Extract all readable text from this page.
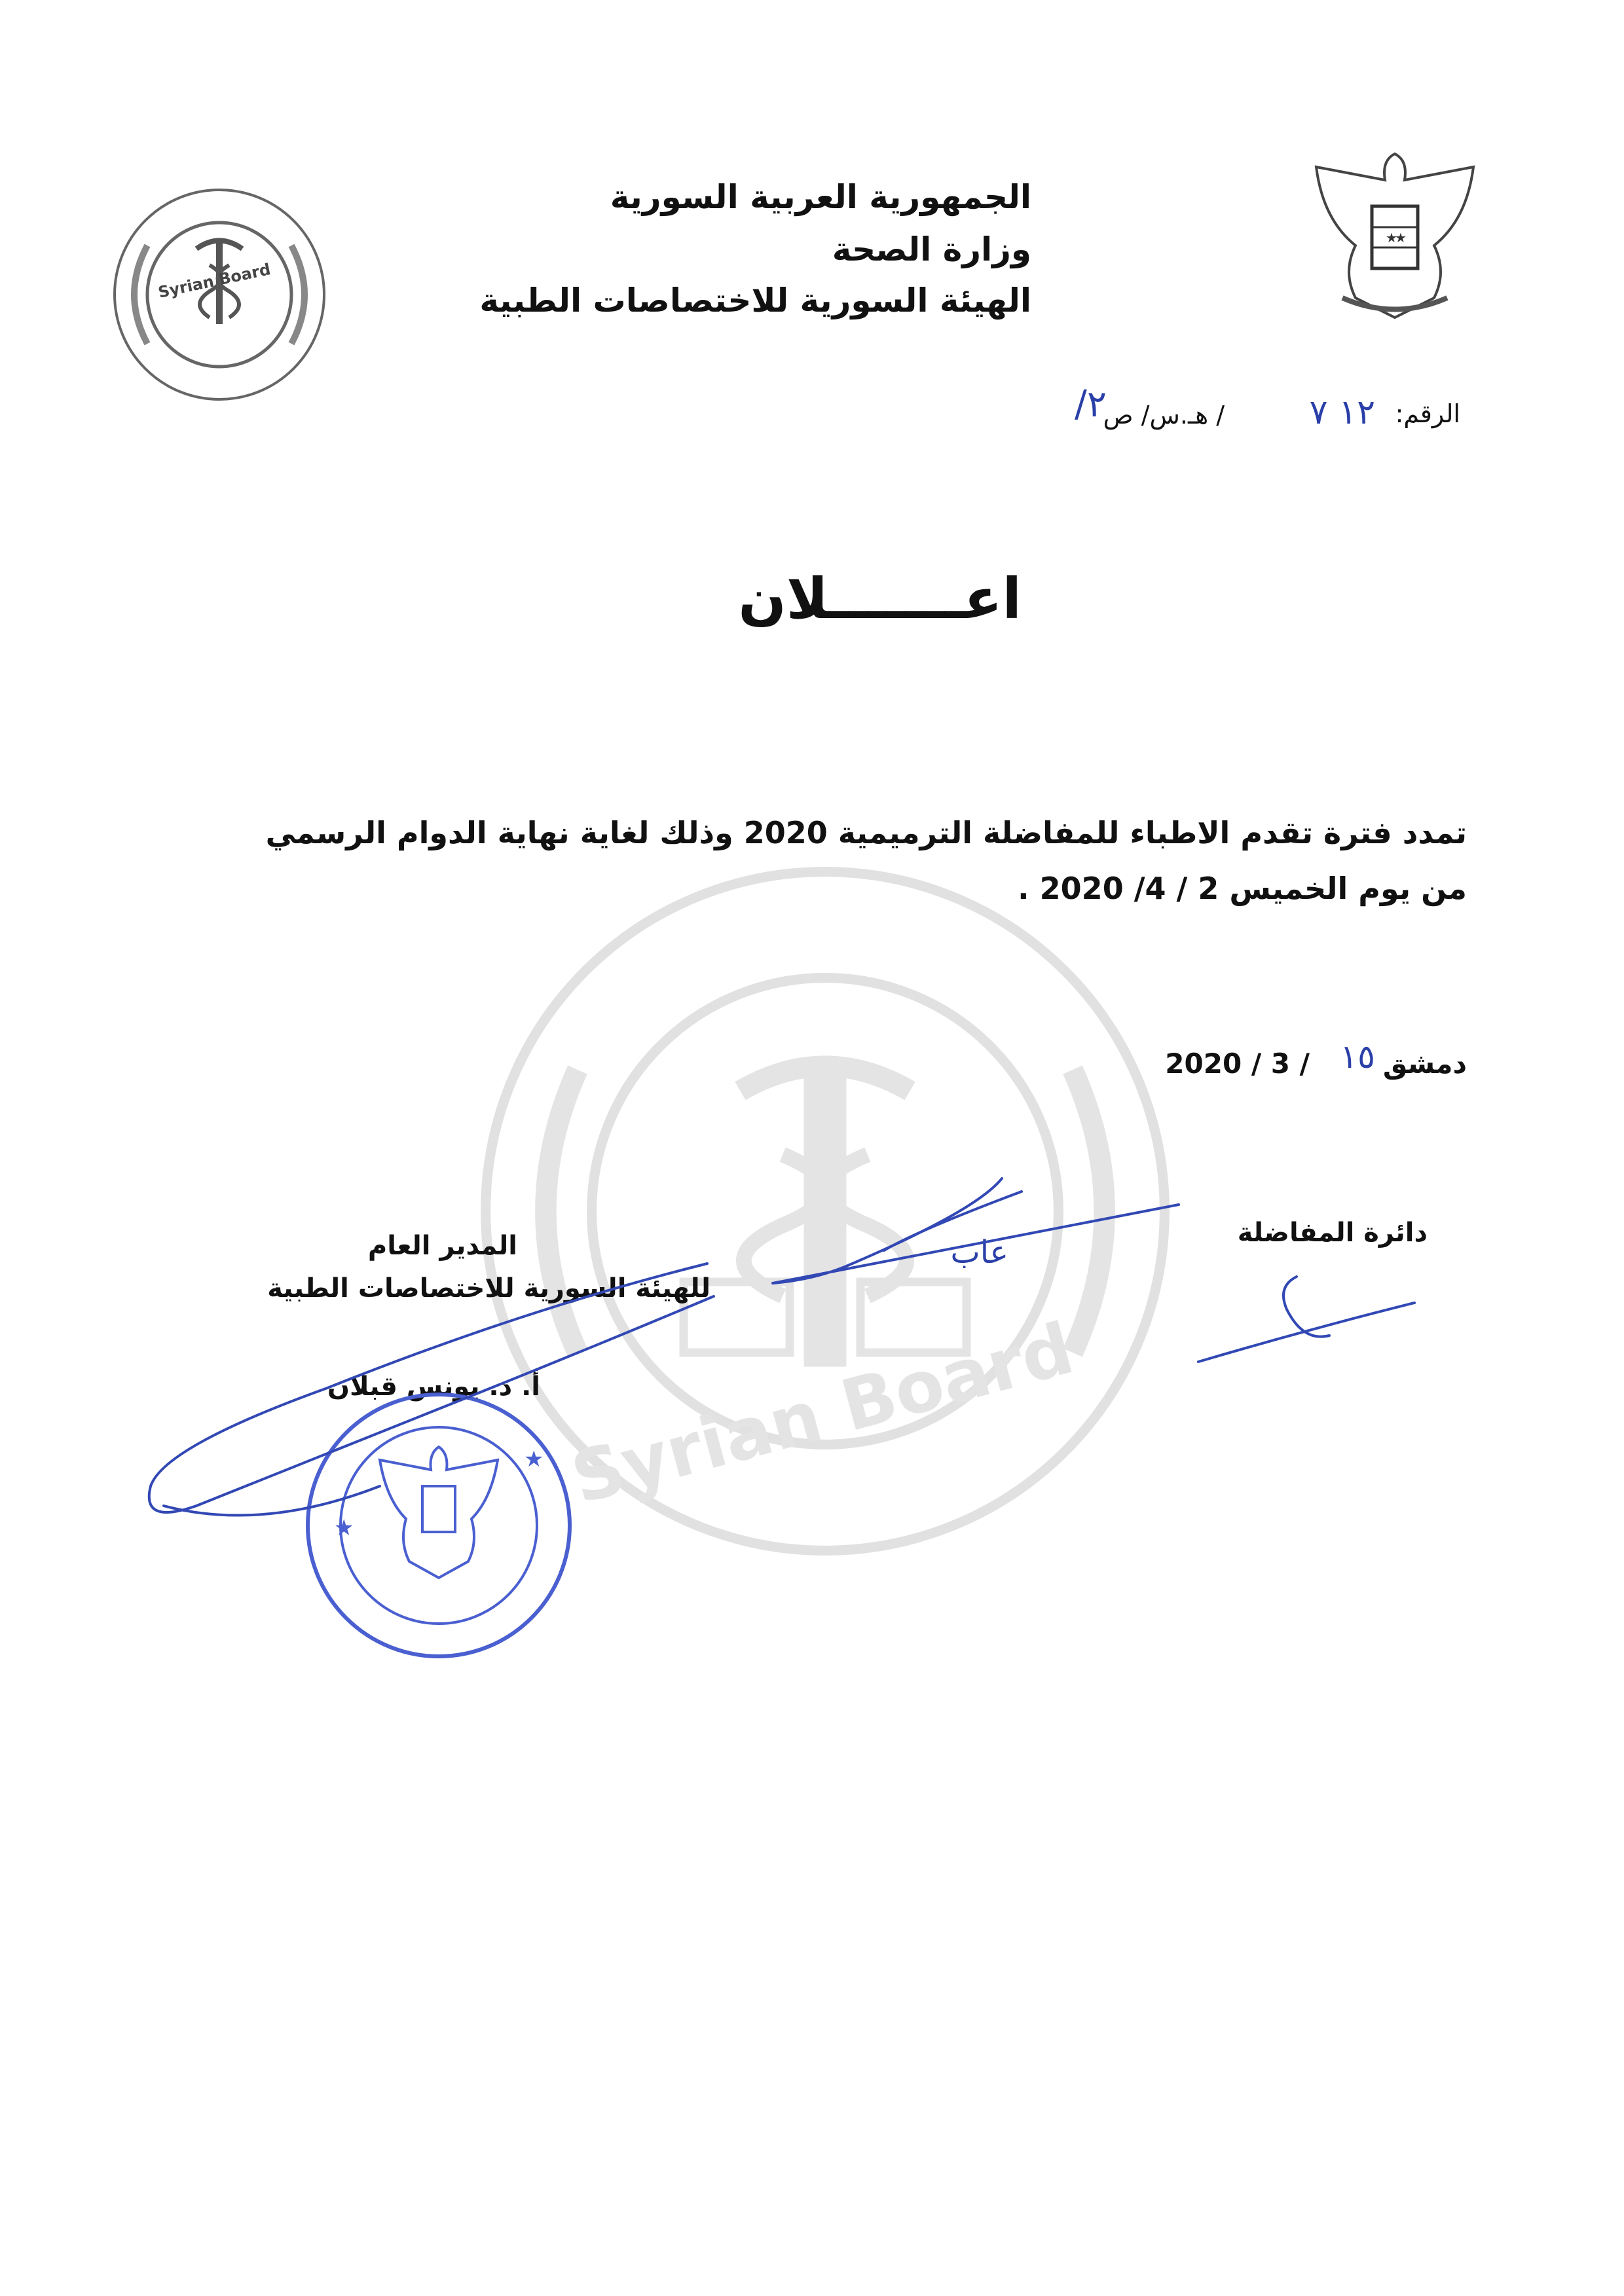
Syrian Board
Syrian Board
★
★
الجمهورية العربية السورية
وزارة الصحة
الهيئة السورية للاختصاصات الطبية
الرقم:
١٢ ٧
/ هـ.س/ ص
٢/
اعـــــــلان
تمدد فترة تقدم الاطباء للمفاضلة الترميمية 2020 وذلك لغاية نهاية الدوام الرسمي
من يوم الخميس 2 / 4/ 2020 .
دمشق
١٥
/ 3 / 2020
المدير العام
للهيئة السورية للاختصاصات الطبية
أ. د. يونس قبلان
دائرة المفاضلة
عاب
★
★
